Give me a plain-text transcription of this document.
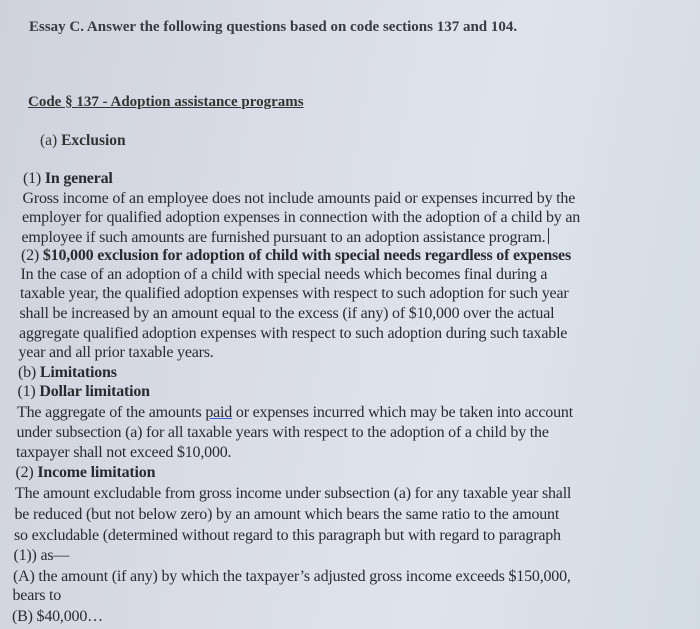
Essay C. Answer the following questions based on code sections 137 and 104.
Code § 137 - Adoption assistance programs
(a) Exclusion
(1) In general
Gross income of an employee does not include amounts paid or expenses incurred by the
employer for qualified adoption expenses in connection with the adoption of a child by an
employee if such amounts are furnished pursuant to an adoption assistance program.
(2) $10,000 exclusion for adoption of child with special needs regardless of expenses
In the case of an adoption of a child with special needs which becomes final during a
taxable year, the qualified adoption expenses with respect to such adoption for such year
shall be increased by an amount equal to the excess (if any) of $10,000 over the actual
aggregate qualified adoption expenses with respect to such adoption during such taxable
year and all prior taxable years.
(b) Limitations
(1) Dollar limitation
The aggregate of the amounts paid or expenses incurred which may be taken into account
under subsection (a) for all taxable years with respect to the adoption of a child by the
taxpayer shall not exceed $10,000.
(2) Income limitation
The amount excludable from gross income under subsection (a) for any taxable year shall
be reduced (but not below zero) by an amount which bears the same ratio to the amount
so excludable (determined without regard to this paragraph but with regard to paragraph
(1)) as—
(A) the amount (if any) by which the taxpayer’s adjusted gross income exceeds $150,000,
bears to
(B) $40,000…
